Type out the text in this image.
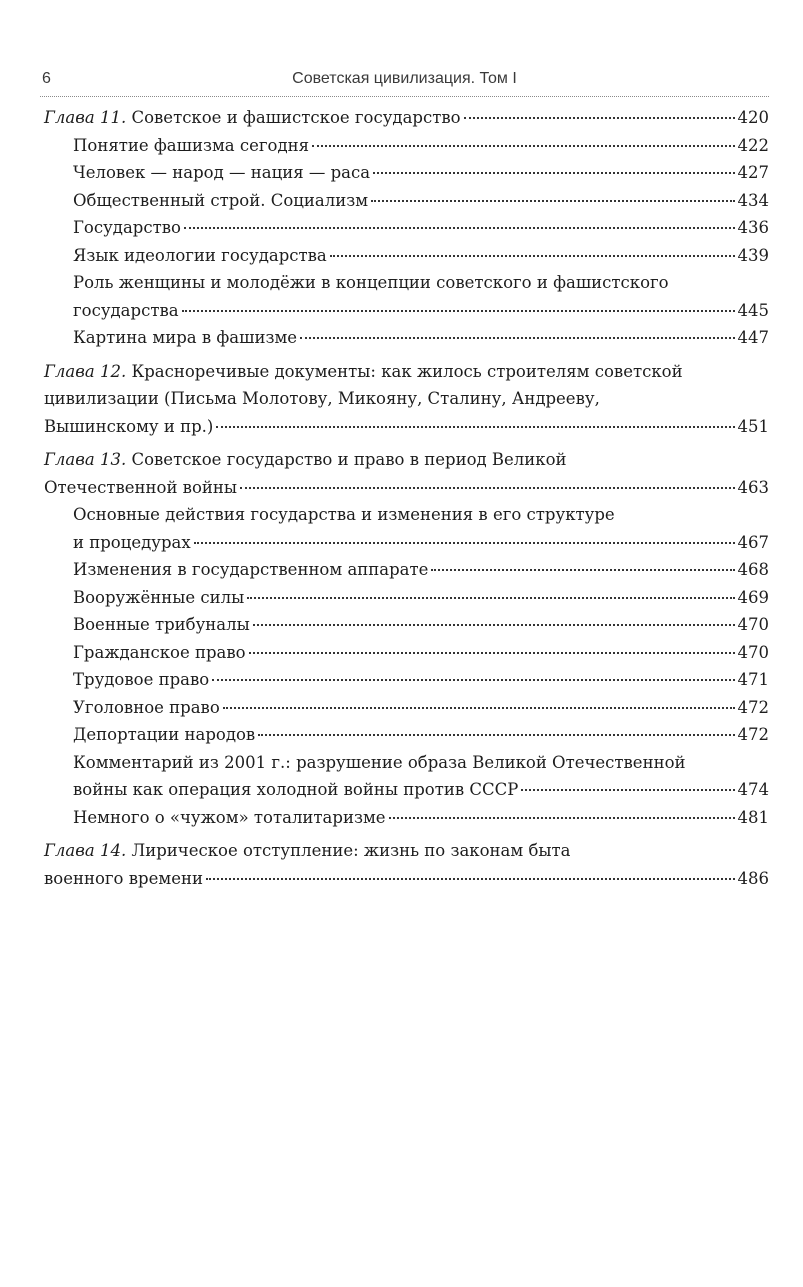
6	Советская цивилизация. Том I
Глава 11. Советское и фашистское государство	420
Понятие фашизма сегодня	422
Человек — народ — нация — раса	427
Общественный строй. Социализм	434
Государство	436
Язык идеологии государства	439
Роль женщины и молодёжи в концепции советского и фашистского
государства	445
Картина мира в фашизме	447
Глава 12. Красноречивые документы: как жилось строителям советской
цивилизации (Письма Молотову, Микояну, Сталину, Андрееву,
Вышинскому и пр.)	451
Глава 13. Советское государство и право в период Великой
Отечественной войны	463
Основные действия государства и изменения в его структуре
и процедурах	467
Изменения в государственном аппарате	468
Вооружённые силы	469
Военные трибуналы	470
Гражданское право	470
Трудовое право	471
Уголовное право	472
Депортации народов	472
Комментарий из 2001 г.: разрушение образа Великой Отечественной
войны как операция холодной войны против СССР	474
Немного о «чужом» тоталитаризме	481
Глава 14. Лирическое отступление: жизнь по законам быта
военного времени	486
